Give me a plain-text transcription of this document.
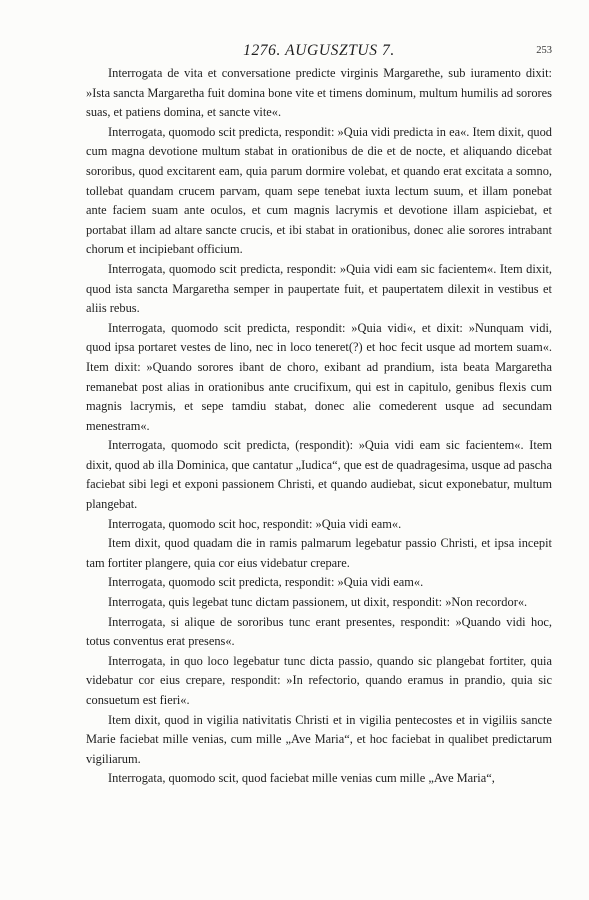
1276. AUGUSZTUS 7.	253

Interrogata de vita et conversatione predicte virginis Margarethe, sub iuramento dixit: »Ista sancta Margaretha fuit domina bone vite et timens dominum, multum humilis ad sorores suas, et patiens domina, et sancte vite«.

Interrogata, quomodo scit predicta, respondit: »Quia vidi predicta in ea«. Item dixit, quod cum magna devotione multum stabat in orationibus de die et de nocte, et aliquando dicebat sororibus, quod excitarent eam, quia parum dormire volebat, et quando erat excitata a somno, tollebat quandam crucem parvam, quam sepe tenebat iuxta lectum suum, et illam ponebat ante faciem suam ante oculos, et cum magnis lacrymis et devotione illam aspiciebat, et portabat illam ad altare sancte crucis, et ibi stabat in orationibus, donec alie sorores intrabant chorum et incipiebant officium.

Interrogata, quomodo scit predicta, respondit: »Quia vidi eam sic facientem«. Item dixit, quod ista sancta Margaretha semper in paupertate fuit, et paupertatem dilexit in vestibus et aliis rebus.

Interrogata, quomodo scit predicta, respondit: »Quia vidi«, et dixit: »Nunquam vidi, quod ipsa portaret vestes de lino, nec in loco teneret(?) et hoc fecit usque ad mortem suam«. Item dixit: »Quando sorores ibant de choro, exibant ad prandium, ista beata Margaretha remanebat post alias in orationibus ante crucifixum, qui est in capitulo, genibus flexis cum magnis lacrymis, et sepe tamdiu stabat, donec alie comederent usque ad secundam menestram«.

Interrogata, quomodo scit predicta, (respondit): »Quia vidi eam sic facientem«. Item dixit, quod ab illa Dominica, que cantatur „Iudica“, que est de quadragesima, usque ad pascha faciebat sibi legi et exponi passionem Christi, et quando audiebat, sicut exponebatur, multum plangebat.

Interrogata, quomodo scit hoc, respondit: »Quia vidi eam«.

Item dixit, quod quadam die in ramis palmarum legebatur passio Christi, et ipsa incepit tam fortiter plangere, quia cor eius videbatur crepare.

Interrogata, quomodo scit predicta, respondit: »Quia vidi eam«.

Interrogata, quis legebat tunc dictam passionem, ut dixit, respondit: »Non recordor«.

Interrogata, si alique de sororibus tunc erant presentes, respondit: »Quando vidi hoc, totus conventus erat presens«.

Interrogata, in quo loco legebatur tunc dicta passio, quando sic plangebat fortiter, quia videbatur cor eius crepare, respondit: »In refectorio, quando eramus in prandio, quia sic consuetum est fieri«.

Item dixit, quod in vigilia nativitatis Christi et in vigilia pentecostes et in vigiliis sancte Marie faciebat mille venias, cum mille „Ave Maria“, et hoc faciebat in qualibet predictarum vigiliarum.

Interrogata, quomodo scit, quod faciebat mille venias cum mille „Ave Maria“,
